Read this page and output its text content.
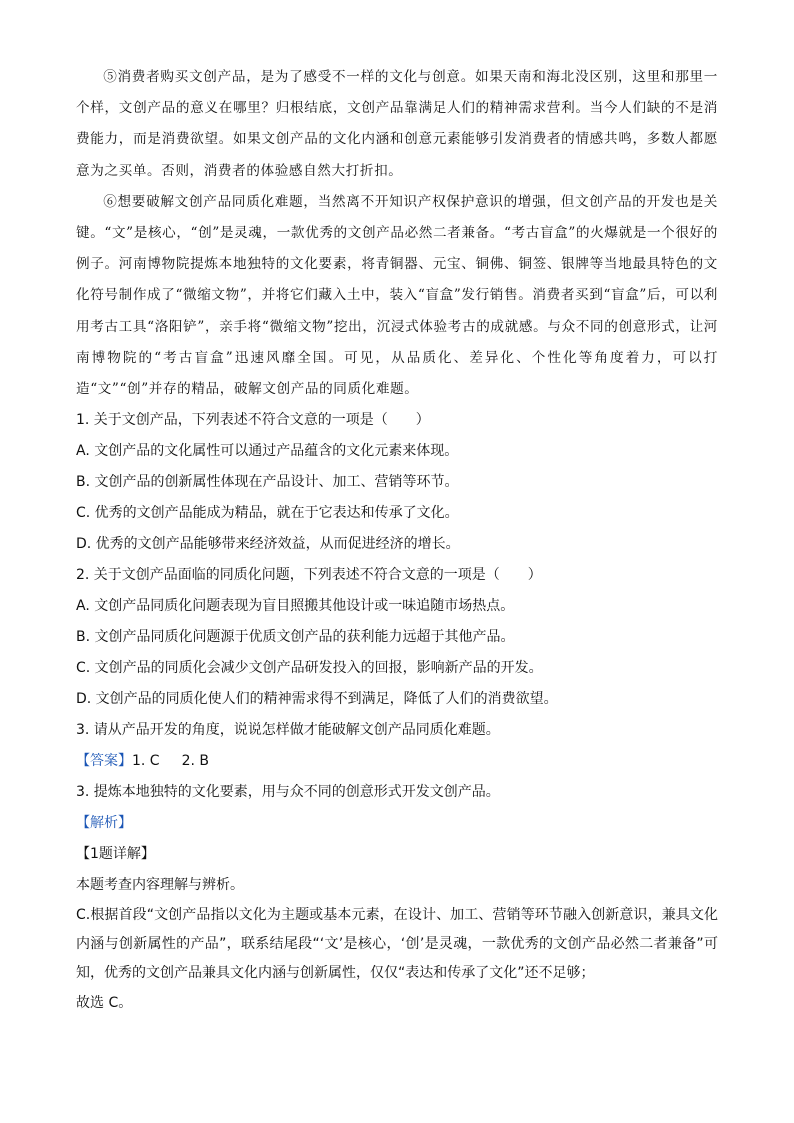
⑤消费者购买文创产品，是为了感受不一样的文化与创意。如果天南和海北没区别，这里和那里一个样，文创产品的意义在哪里？归根结底，文创产品靠满足人们的精神需求营利。当今人们缺的不是消费能力，而是消费欲望。如果文创产品的文化内涵和创意元素能够引发消费者的情感共鸣，多数人都愿意为之买单。否则，消费者的体验感自然大打折扣。

⑥想要破解文创产品同质化难题，当然离不开知识产权保护意识的增强，但文创产品的开发也是关键。“文”是核心，“创”是灵魂，一款优秀的文创产品必然二者兼备。“考古盲盒”的火爆就是一个很好的例子。河南博物院提炼本地独特的文化要素，将青铜器、元宝、铜佛、铜签、银牌等当地最具特色的文化符号制作成了“微缩文物”，并将它们藏入土中，装入“盲盒”发行销售。消费者买到“盲盒”后，可以利用考古工具“洛阳铲”，亲手将“微缩文物”挖出，沉浸式体验考古的成就感。与众不同的创意形式，让河南博物院的“考古盲盒”迅速风靡全国。可见，从品质化、差异化、个性化等角度着力，可以打造“文”“创”并存的精品，破解文创产品的同质化难题。

1. 关于文创产品，下列表述不符合文意的一项是（　　）
A. 文创产品的文化属性可以通过产品蕴含的文化元素来体现。
B. 文创产品的创新属性体现在产品设计、加工、营销等环节。
C. 优秀的文创产品能成为精品，就在于它表达和传承了文化。
D. 优秀的文创产品能够带来经济效益，从而促进经济的增长。
2. 关于文创产品面临的同质化问题，下列表述不符合文意的一项是（　　）
A. 文创产品同质化问题表现为盲目照搬其他设计或一味追随市场热点。
B. 文创产品同质化问题源于优质文创产品的获利能力远超于其他产品。
C. 文创产品的同质化会减少文创产品研发投入的回报，影响新产品的开发。
D. 文创产品的同质化使人们的精神需求得不到满足，降低了人们的消费欲望。
3. 请从产品开发的角度，说说怎样做才能破解文创产品同质化难题。
【答案】1. C 2. B
3. 提炼本地独特的文化要素，用与众不同的创意形式开发文创产品。
【解析】
【1题详解】
本题考查内容理解与辨析。
C.根据首段“文创产品指以文化为主题或基本元素，在设计、加工、营销等环节融入创新意识，兼具文化内涵与创新属性的产品”，联系结尾段“‘文’是核心，‘创’是灵魂，一款优秀的文创产品必然二者兼备”可知，优秀的文创产品兼具文化内涵与创新属性，仅仅“表达和传承了文化”还不足够；
故选 C。
